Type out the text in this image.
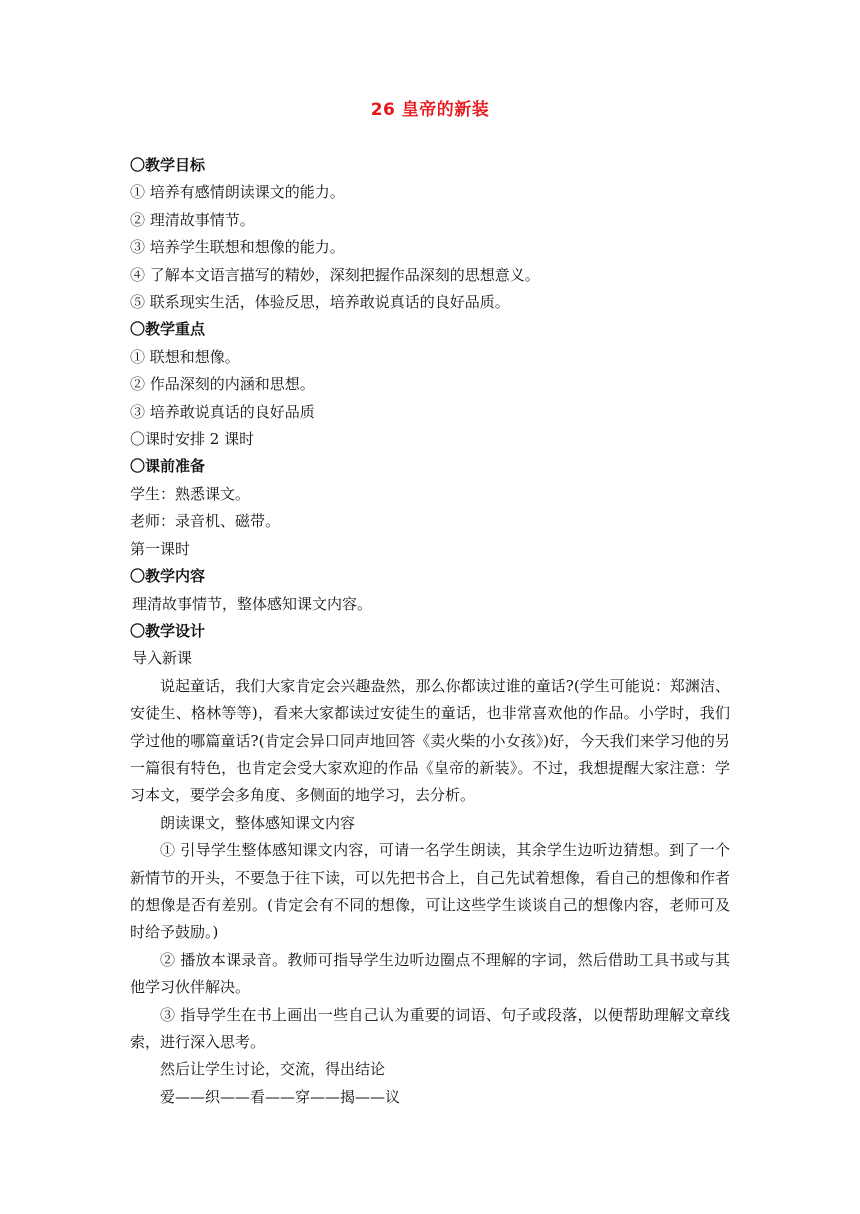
26 皇帝的新装

〇教学目标

① 培养有感情朗读课文的能力。

② 理清故事情节。

③ 培养学生联想和想像的能力。

④ 了解本文语言描写的精妙，深刻把握作品深刻的思想意义。

⑤ 联系现实生活，体验反思，培养敢说真话的良好品质。

〇教学重点

① 联想和想像。

② 作品深刻的内涵和思想。

③ 培养敢说真话的良好品质

〇课时安排 2 课时

〇课前准备

学生：熟悉课文。

老师：录音机、磁带。

第一课时

〇教学内容

理清故事情节，整体感知课文内容。

〇教学设计

导入新课

说起童话，我们大家肯定会兴趣盎然，那么你都读过谁的童话?(学生可能说：郑渊洁、安徒生、格林等等)，看来大家都读过安徒生的童话，也非常喜欢他的作品。小学时，我们学过他的哪篇童话?(肯定会异口同声地回答《卖火柴的小女孩》)好，今天我们来学习他的另一篇很有特色，也肯定会受大家欢迎的作品《皇帝的新装》。不过，我想提醒大家注意：学习本文，要学会多角度、多侧面的地学习，去分析。

朗读课文，整体感知课文内容

① 引导学生整体感知课文内容，可请一名学生朗读，其余学生边听边猜想。到了一个新情节的开头，不要急于往下读，可以先把书合上，自己先试着想像，看自己的想像和作者的想像是否有差别。(肯定会有不同的想像，可让这些学生谈谈自己的想像内容，老师可及时给予鼓励。)

② 播放本课录音。教师可指导学生边听边圈点不理解的字词，然后借助工具书或与其他学习伙伴解决。

③ 指导学生在书上画出一些自己认为重要的词语、句子或段落，以便帮助理解文章线索，进行深入思考。

然后让学生讨论，交流，得出结论

爱——织——看——穿——揭——议
